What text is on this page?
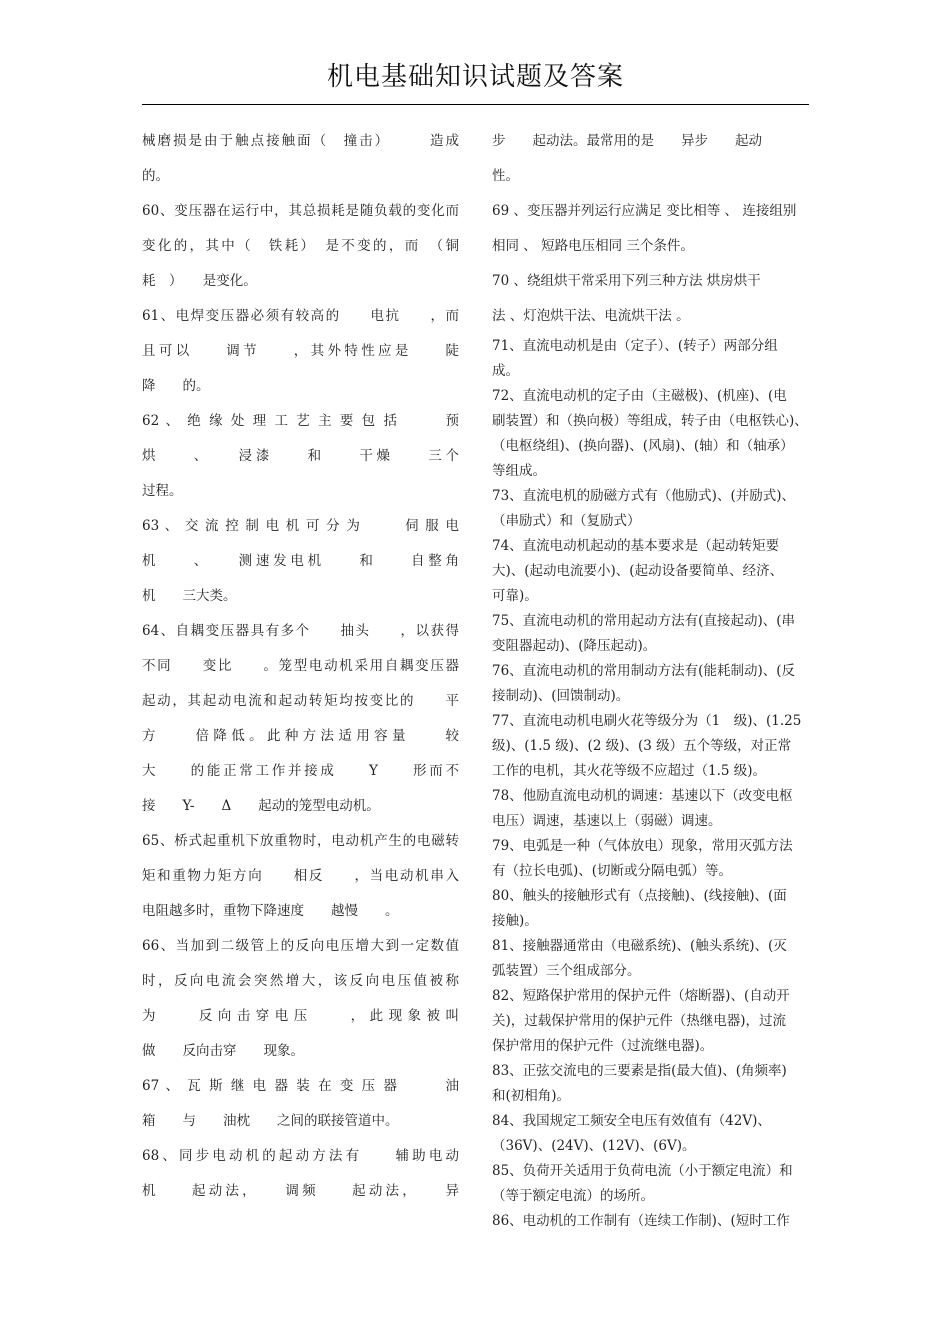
机电基础知识试题及答案

械磨损是由于触点接触面（　撞击）　　　造成

的。

60、变压器在运行中，其总损耗是随负载的变化而

变化的，其中（　铁耗）　是不变的，而　（铜

耗　）　　是变化。

61、电焊变压器必须有较高的　　电抗　　，而

且可以　　调节　　，其外特性应是　　陡

降　　的。

62 、 绝 缘 处 理 工 艺 主 要 包 括　　　预

烘　　、　　浸漆　　和　　干燥　　三个

过程。

63 、 交 流 控 制 电 机 可 分 为　　　伺 服 电

机　　、　　测速发电机　　和　　自整角

机　　三大类。

64、自耦变压器具有多个　　抽头　　，以获得

不同　　变比　　。笼型电动机采用自耦变压器

起动，其起动电流和起动转矩均按变比的　　平

方　　倍降低。此种方法适用容量　　较

大　　的能正常工作并接成　　Y　　形而不

接　　Y-　　Δ　　起动的笼型电动机。

65、桥式起重机下放重物时，电动机产生的电磁转

矩和重物力矩方向　　相反　　，当电动机串入

电阻越多时，重物下降速度　　越慢　　。

66、当加到二级管上的反向电压增大到一定数值

时，反向电流会突然增大，该反向电压值被称

为　　反向击穿电压　　，此现象被叫

做　　反向击穿　　现象。

67 、 瓦 斯 继 电 器 装 在 变 压 器　　　油

箱　　与　　油枕　　之间的联接管道中。

68、同步电动机的起动方法有　　辅助电动

机　　起动法，　　调频　　起动法，　　异

步　　起动法。最常用的是　　异步　　起动

性。

69 、变压器并列运行应满足 变比相等 、 连接组别

相同 、 短路电压相同 三个条件。

70 、绕组烘干常采用下列三种方法 烘房烘干

法 、灯泡烘干法、电流烘干法 。

71、直流电动机是由（定子）、(转子）两部分组

成。

72、直流电动机的定子由（主磁极)、(机座)、(电

刷装置）和（换向极）等组成，转子由（电枢铁心)、

（电枢绕组)、(换向器)、(风扇)、(轴）和（轴承）

等组成。

73、直流电机的励磁方式有（他励式)、(并励式)、

（串励式）和（复励式）

74、直流电动机起动的基本要求是（起动转矩要

大)、(起动电流要小)、(起动设备要简单、经济、

可靠)。

75、直流电动机的常用起动方法有(直接起动)、(串

变阻器起动)、(降压起动)。

76、直流电动机的常用制动方法有(能耗制动)、(反

接制动)、(回馈制动)。

77、直流电动机电刷火花等级分为（1　级)、(1.25

级)、(1.5 级)、(2 级)、(3 级）五个等级，对正常

工作的电机，其火花等级不应超过（1.5 级)。

78、他励直流电动机的调速：基速以下（改变电枢

电压）调速，基速以上（弱磁）调速。

79、电弧是一种（气体放电）现象，常用灭弧方法

有（拉长电弧)、(切断或分隔电弧）等。

80、触头的接触形式有（点接触)、(线接触)、(面

接触)。

81、接触器通常由（电磁系统)、(触头系统)、(灭

弧装置）三个组成部分。

82、短路保护常用的保护元件（熔断器)、(自动开

关)，过载保护常用的保护元件（热继电器)，过流

保护常用的保护元件（过流继电器)。

83、正弦交流电的三要素是指(最大值)、(角频率)

和(初相角)。

84、我国规定工频安全电压有效值有（42V)、

（36V)、(24V)、(12V)、(6V)。

85、负荷开关适用于负荷电流（小于额定电流）和

（等于额定电流）的场所。

86、电动机的工作制有（连续工作制)、(短时工作
